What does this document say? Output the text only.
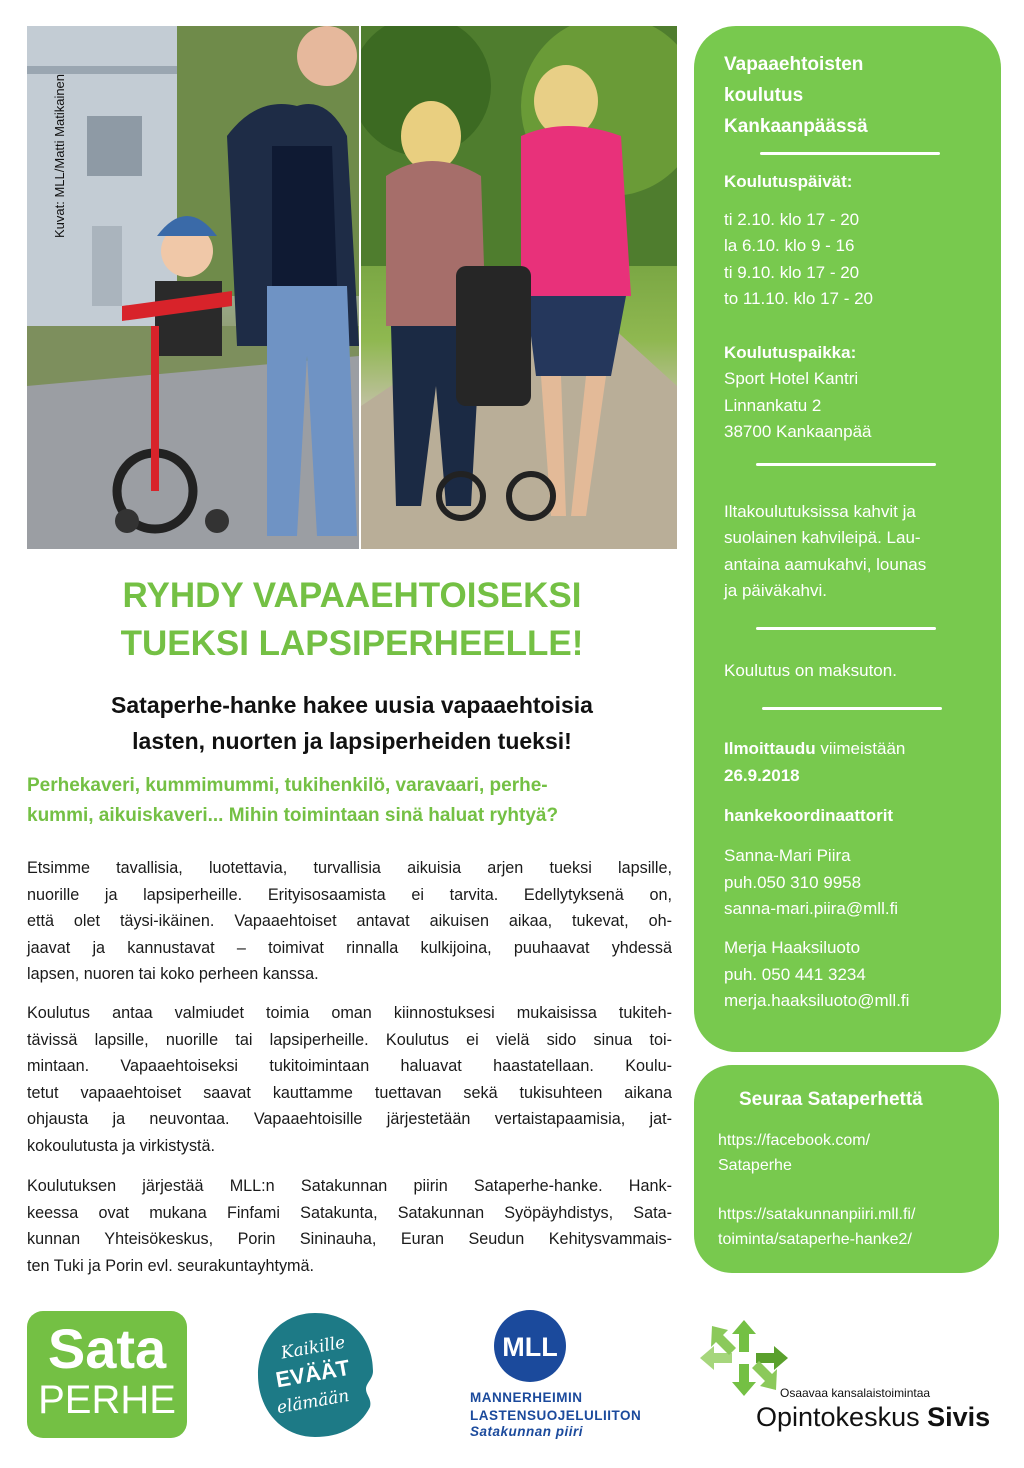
Kuvat: MLL/Matti Matikainen
RYHDY VAPAAEHTOISEKSI
TUEKSI LAPSIPERHEELLE!

Sataperhe-hanke hakee uusia vapaaehtoisia

lasten, nuorten ja lapsiperheiden tueksi!

Perhekaveri, kummimummi, tukihenkilö, varavaari, perhe-

kummi, aikuiskaveri... Mihin toimintaan sinä haluat ryhtyä?

Etsimme tavallisia, luotettavia, turvallisia aikuisia arjen tueksi lapsille,
nuorille ja lapsiperheille. Erityisosaamista ei tarvita. Edellytyksenä on,
että olet täysi-ikäinen. Vapaaehtoiset antavat aikuisen aikaa, tukevat, oh-
jaavat ja kannustavat – toimivat rinnalla kulkijoina, puuhaavat yhdessä
lapsen, nuoren tai koko perheen kanssa.

Koulutus antaa valmiudet toimia oman kiinnostuksesi mukaisissa tukiteh-
tävissä lapsille, nuorille tai lapsiperheille. Koulutus ei vielä sido sinua toi-
mintaan. Vapaaehtoiseksi tukitoimintaan haluavat haastatellaan. Koulu-
tetut vapaaehtoiset saavat kauttamme tuettavan sekä tukisuhteen aikana
ohjausta ja neuvontaa. Vapaaehtoisille järjestetään vertaistapaamisia, jat-
kokoulutusta ja virkistystä.

Koulutuksen järjestää MLL:n Satakunnan piirin Sataperhe-hanke. Hank-
keessa ovat mukana Finfami Satakunta, Satakunnan Syöpäyhdistys, Sata-
kunnan Yhteisökeskus, Porin Sininauha, Euran Seudun Kehitysvammais-
ten Tuki ja Porin evl. seurakuntayhtymä.

Vapaaehtoisten

koulutus

Kankaanpäässä

Koulutuspäivät:

ti 2.10. klo 17 - 20

la 6.10. klo 9 - 16

ti 9.10. klo 17 - 20

to 11.10. klo 17 - 20

Koulutuspaikka:

Sport Hotel Kantri

Linnankatu 2

38700 Kankaanpää

Iltakoulutuksissa kahvit ja

suolainen kahvileipä. Lau-

antaina aamukahvi, lounas

ja päiväkahvi.

Koulutus on maksuton.

Ilmoittaudu viimeistään

26.9.2018

hankekoordinaattorit

Sanna-Mari Piira

puh.050 310 9958

sanna-mari.piira@mll.fi

Merja Haaksiluoto

puh. 050 441 3234

merja.haaksiluoto@mll.fi

Seuraa Sataperhettä

https://facebook.com/

Sataperhe

https://satakunnanpiiri.mll.fi/

toiminta/sataperhe-hanke2/

Sata
PERHE
Kaikille
EVÄÄT
elämään
MLL
MANNERHEIMIN
LASTENSUOJELULIITON
Satakunnan piiri
Osaavaa kansalaistoimintaa
Opintokeskus Sivis
